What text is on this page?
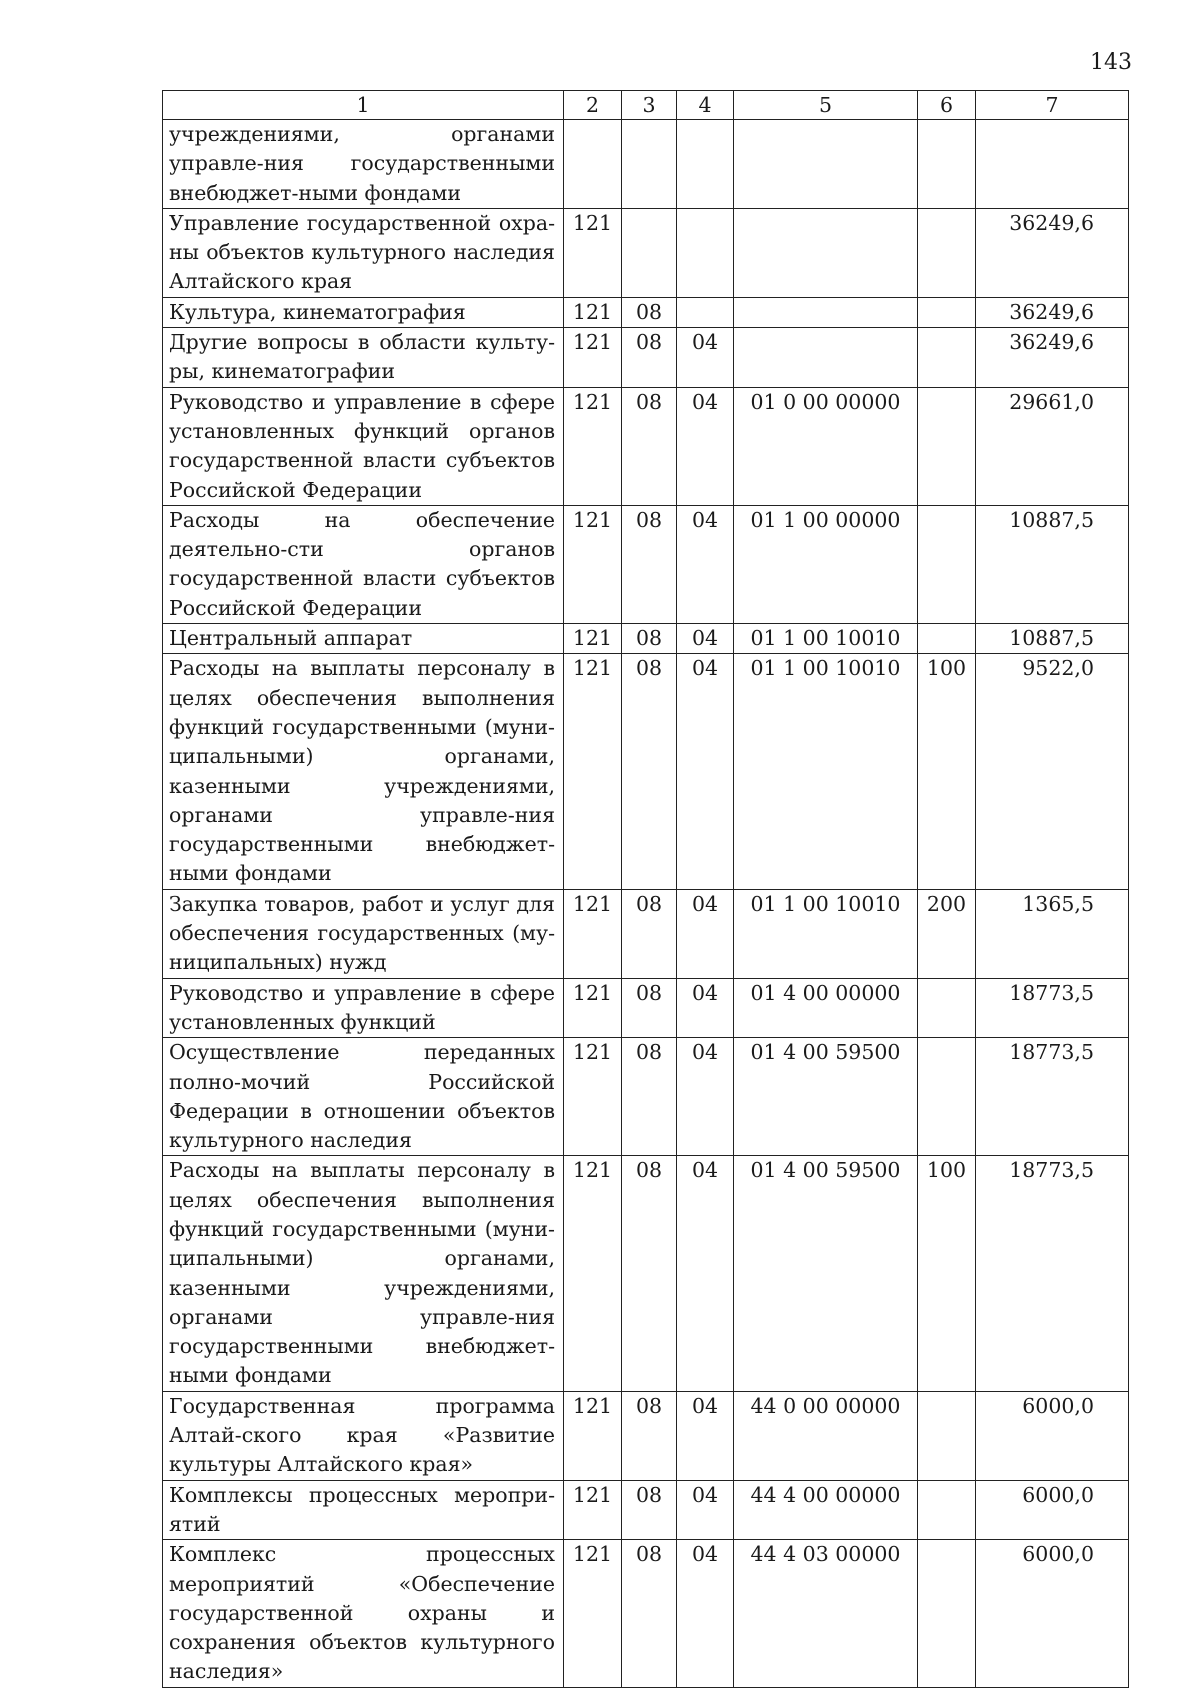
143
1	2	3	4	5	6	7
учреждениями, органами управле-ния государственными внебюджет-ными фондами						
Управление государственной охра-ны объектов культурного наследия Алтайского края	121					36249,6
Культура, кинематография	121	08				36249,6
Другие вопросы в области культу-ры, кинематографии	121	08	04			36249,6
Руководство и управление в сфере установленных функций органов государственной власти субъектов Российской Федерации	121	08	04	01 0 00 00000		29661,0
Расходы на обеспечение деятельно-сти органов государственной власти субъектов Российской Федерации	121	08	04	01 1 00 00000		10887,5
Центральный аппарат	121	08	04	01 1 00 10010		10887,5
Расходы на выплаты персоналу в целях обеспечения выполнения функций государственными (муни-ципальными) органами, казенными учреждениями, органами управле-ния государственными внебюджет-ными фондами	121	08	04	01 1 00 10010	100	9522,0
Закупка товаров, работ и услуг для обеспечения государственных (му-ниципальных) нужд	121	08	04	01 1 00 10010	200	1365,5
Руководство и управление в сфере установленных функций	121	08	04	01 4 00 00000		18773,5
Осуществление переданных полно-мочий Российской Федерации в отношении объектов культурного наследия	121	08	04	01 4 00 59500		18773,5
Расходы на выплаты персоналу в целях обеспечения выполнения функций государственными (муни-ципальными) органами, казенными учреждениями, органами управле-ния государственными внебюджет-ными фондами	121	08	04	01 4 00 59500	100	18773,5
Государственная программа Алтай-ского края «Развитие культуры Алтайского края»	121	08	04	44 0 00 00000		6000,0
Комплексы процессных меропри-ятий	121	08	04	44 4 00 00000		6000,0
Комплекс процессных мероприятий «Обеспечение государственной охраны и сохранения объектов культурного наследия»	121	08	04	44 4 03 00000		6000,0
